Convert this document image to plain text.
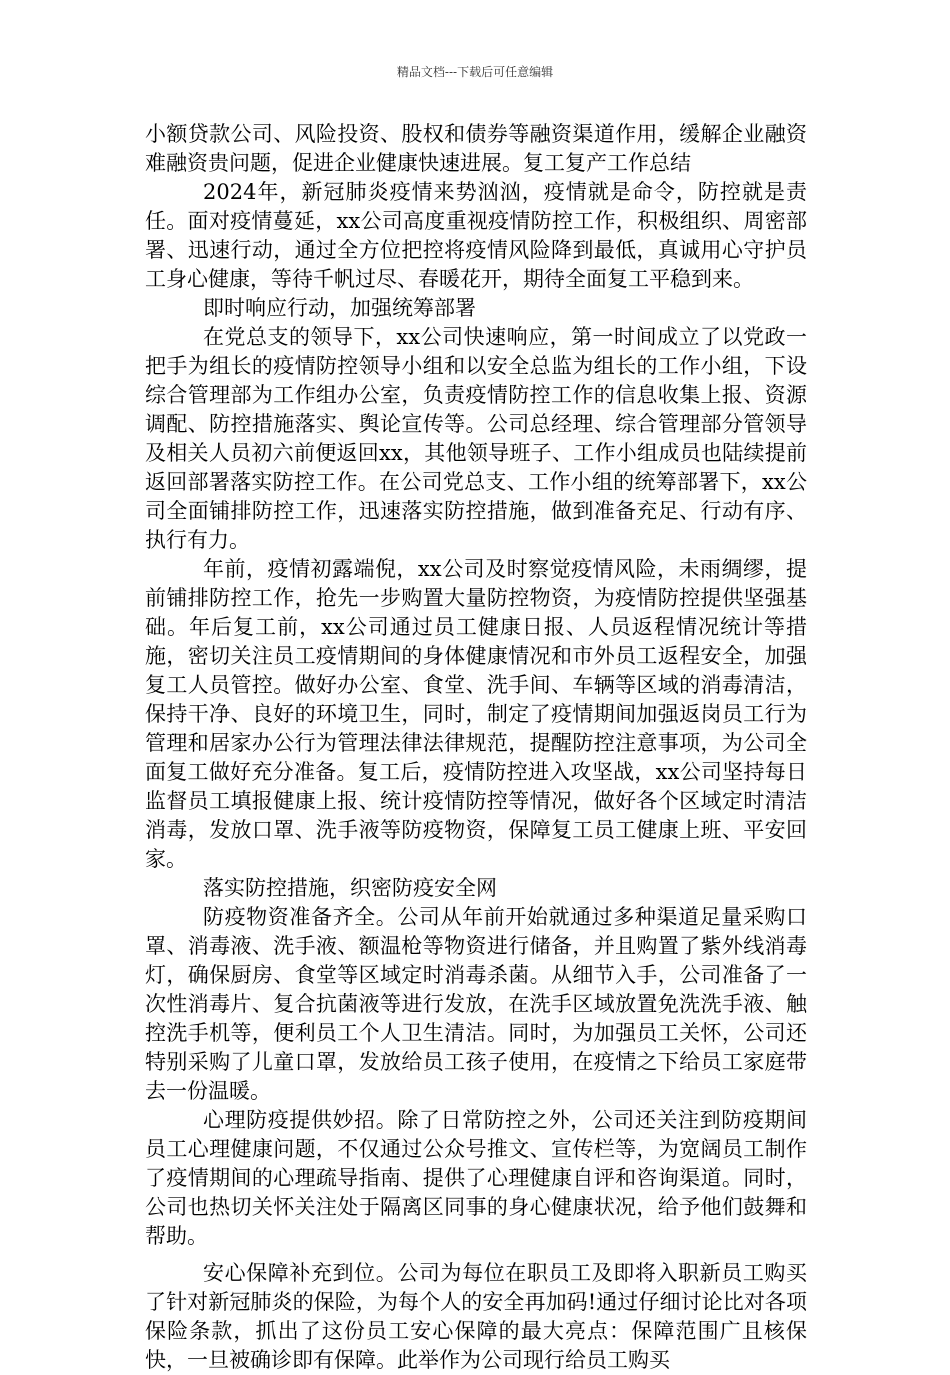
精品文档---下载后可任意编辑

小额贷款公司、风险投资、股权和债券等融资渠道作用，缓解企业融资难融资贵问题，促进企业健康快速进展。复工复产工作总结

2024年，新冠肺炎疫情来势汹汹，疫情就是命令，防控就是责任。面对疫情蔓延，xx公司高度重视疫情防控工作，积极组织、周密部署、迅速行动，通过全方位把控将疫情风险降到最低，真诚用心守护员工身心健康，等待千帆过尽、春暖花开，期待全面复工平稳到来。

即时响应行动，加强统筹部署

在党总支的领导下，xx公司快速响应，第一时间成立了以党政一把手为组长的疫情防控领导小组和以安全总监为组长的工作小组，下设综合管理部为工作组办公室，负责疫情防控工作的信息收集上报、资源调配、防控措施落实、舆论宣传等。公司总经理、综合管理部分管领导及相关人员初六前便返回xx，其他领导班子、工作小组成员也陆续提前返回部署落实防控工作。在公司党总支、工作小组的统筹部署下，xx公司全面铺排防控工作，迅速落实防控措施，做到准备充足、行动有序、执行有力。

年前，疫情初露端倪，xx公司及时察觉疫情风险，未雨绸缪，提前铺排防控工作，抢先一步购置大量防控物资，为疫情防控提供坚强基础。年后复工前，xx公司通过员工健康日报、人员返程情况统计等措施，密切关注员工疫情期间的身体健康情况和市外员工返程安全，加强复工人员管控。做好办公室、食堂、洗手间、车辆等区域的消毒清洁，保持干净、良好的环境卫生，同时，制定了疫情期间加强返岗员工行为管理和居家办公行为管理法律法律规范，提醒防控注意事项，为公司全面复工做好充分准备。复工后，疫情防控进入攻坚战，xx公司坚持每日监督员工填报健康上报、统计疫情防控等情况，做好各个区域定时清洁消毒，发放口罩、洗手液等防疫物资，保障复工员工健康上班、平安回家。

落实防控措施，织密防疫安全网

防疫物资准备齐全。公司从年前开始就通过多种渠道足量采购口罩、消毒液、洗手液、额温枪等物资进行储备，并且购置了紫外线消毒灯，确保厨房、食堂等区域定时消毒杀菌。从细节入手，公司准备了一次性消毒片、复合抗菌液等进行发放，在洗手区域放置免洗洗手液、触控洗手机等，便利员工个人卫生清洁。同时，为加强员工关怀，公司还特别采购了儿童口罩，发放给员工孩子使用，在疫情之下给员工家庭带去一份温暖。

心理防疫提供妙招。除了日常防控之外，公司还关注到防疫期间员工心理健康问题，不仅通过公众号推文、宣传栏等，为宽阔员工制作了疫情期间的心理疏导指南、提供了心理健康自评和咨询渠道。同时，公司也热切关怀关注处于隔离区同事的身心健康状况，给予他们鼓舞和帮助。

安心保障补充到位。公司为每位在职员工及即将入职新员工购买了针对新冠肺炎的保险，为每个人的安全再加码!通过仔细讨论比对各项保险条款，抓出了这份员工安心保障的最大亮点：保障范围广且核保快，一旦被确诊即有保障。此举作为公司现行给员工购买
